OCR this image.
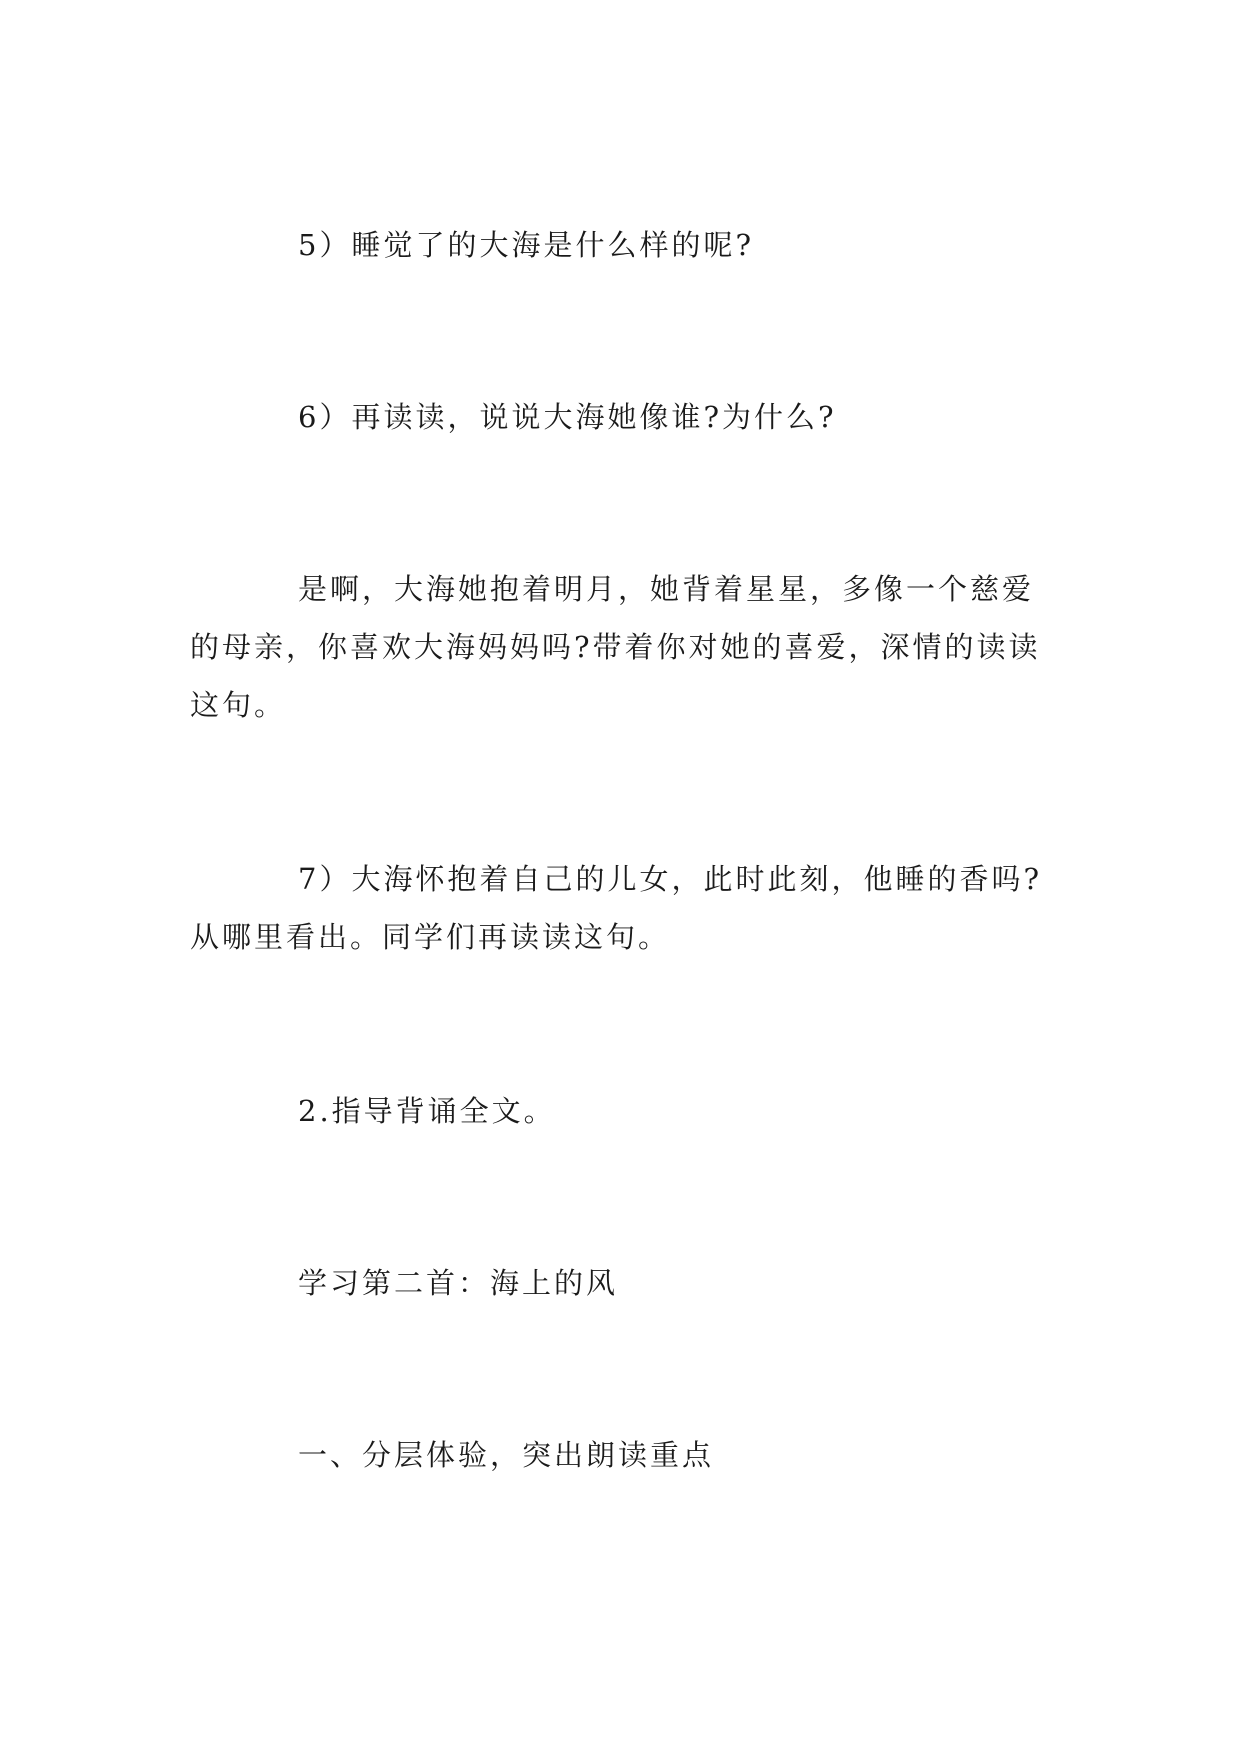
5）睡觉了的大海是什么样的呢?

6）再读读，说说大海她像谁?为什么?

是啊，大海她抱着明月，她背着星星，多像一个慈爱的母亲，你喜欢大海妈妈吗?带着你对她的喜爱，深情的读读这句。

7）大海怀抱着自己的儿女，此时此刻，他睡的香吗?从哪里看出。同学们再读读这句。

2.指导背诵全文。

学习第二首：海上的风

一、分层体验，突出朗读重点
